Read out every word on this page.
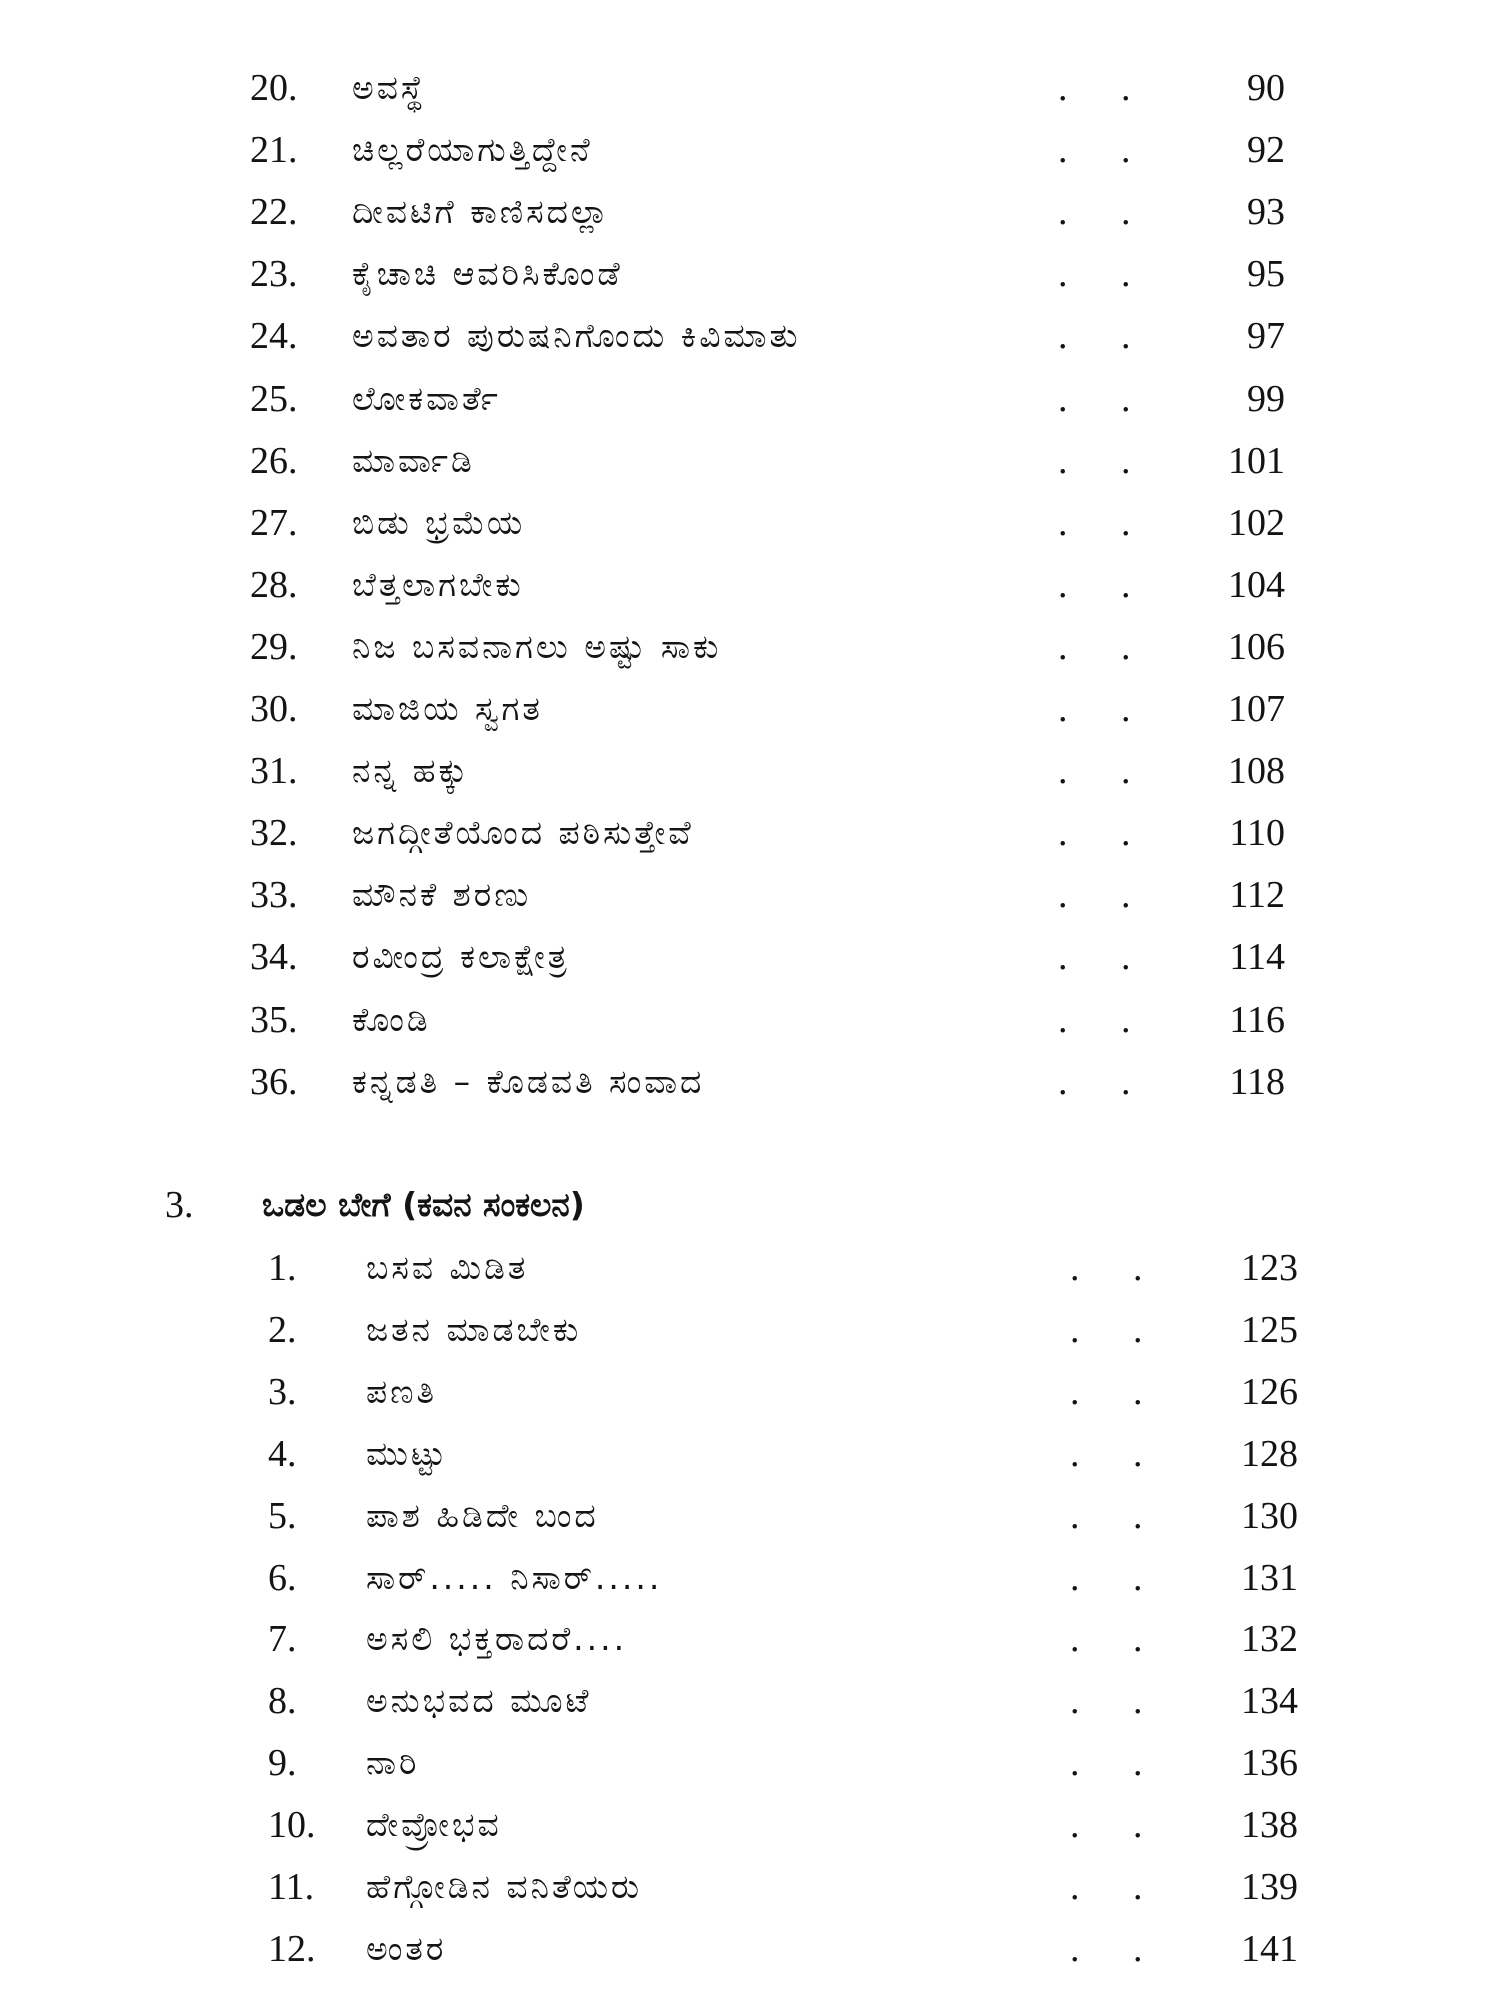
20.	ಅವಸ್ಥೆ	. .	90
21.	ಚಿಲ್ಲರೆಯಾಗುತ್ತಿದ್ದೇನೆ	. .	92
22.	ದೀವಟಿಗೆ ಕಾಣಿಸದಲ್ಲಾ	. .	93
23.	ಕೈಚಾಚಿ ಆವರಿಸಿಕೊಂಡೆ	. .	95
24.	ಅವತಾರ ಪುರುಷನಿಗೊಂದು ಕಿವಿಮಾತು	. .	97
25.	ಲೋಕವಾರ್ತೆ	. .	99
26.	ಮಾರ್ವಾಡಿ	. .	101
27.	ಬಿಡು ಭ್ರಮೆಯ	. .	102
28.	ಬೆತ್ತಲಾಗಬೇಕು	. .	104
29.	ನಿಜ ಬಸವನಾಗಲು ಅಷ್ಟು ಸಾಕು	. .	106
30.	ಮಾಜಿಯ ಸ್ವಗತ	. .	107
31.	ನನ್ನ ಹಕ್ಕು	. .	108
32.	ಜಗದ್ಗೀತೆಯೊಂದ ಪಠಿಸುತ್ತೇವೆ	. .	110
33.	ಮೌನಕೆ ಶರಣು	. .	112
34.	ರವೀಂದ್ರ ಕಲಾಕ್ಷೇತ್ರ	. .	114
35.	ಕೊಂಡಿ	. .	116
36.	ಕನ್ನಡತಿ – ಕೊಡವತಿ ಸಂವಾದ	. .	118
3. ಒಡಲ ಬೇಗೆ (ಕವನ ಸಂಕಲನ)
1.	ಬಸವ ಮಿಡಿತ	. .	123
2.	ಜತನ ಮಾಡಬೇಕು	. .	125
3.	ಪಣತಿ	. .	126
4.	ಮುಟ್ಟು	. .	128
5.	ಪಾಶ ಹಿಡಿದೇ ಬಂದ	. .	130
6.	ಸಾರ್..... ನಿಸಾರ್.....	. .	131
7.	ಅಸಲಿ ಭಕ್ತರಾದರೆ....	. .	132
8.	ಅನುಭವದ ಮೂಟೆ	. .	134
9.	ನಾರಿ	. .	136
10.	ದೇವ್ರೋಭವ	. .	138
11.	ಹೆಗ್ಗೋಡಿನ ವನಿತೆಯರು	. .	139
12.	ಅಂತರ	. .	141
